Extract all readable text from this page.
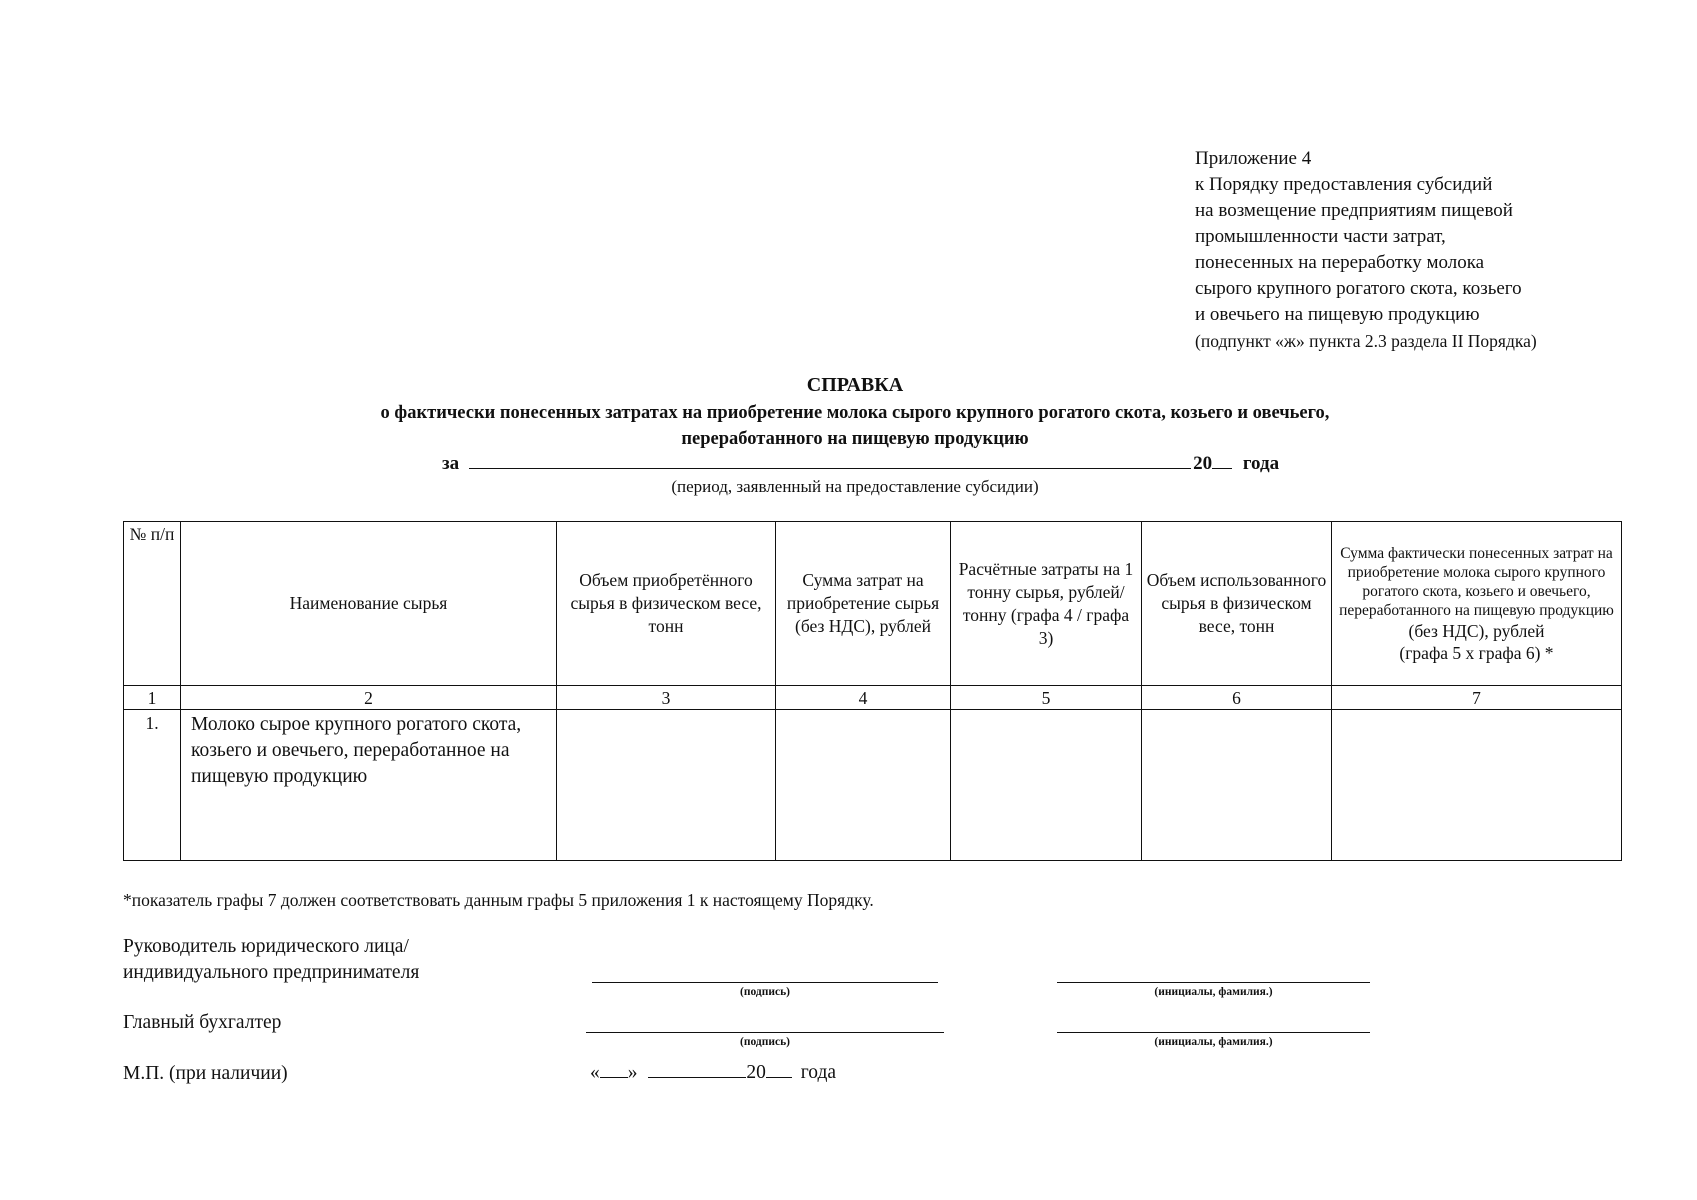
Приложение 4
к Порядку предоставления субсидий
на возмещение предприятиям пищевой
промышленности части затрат,
понесенных на переработку молока
сырого крупного рогатого скота, козьего
и овечьего на пищевую продукцию
(подпункт «ж» пункта 2.3 раздела II Порядка)
СПРАВКА
о фактически понесенных затратах на приобретение молока сырого крупного рогатого скота, козьего и овечьего,
переработанного на пищевую продукцию
за	20 года
(период, заявленный на предоставление субсидии)
№ п/п	Наименование сырья	Объем приобретённого сырья в физическом весе, тонн	Сумма затрат на приобретение сырья (без НДС), рублей	Расчётные затраты на 1 тонну сырья, рублей/тонну (графа 4 / графа 3)	Объем использованного сырья в физическом весе, тонн	Сумма фактически понесенных затрат на приобретение молока сырого крупного рогатого скота, козьего и овечьего, переработанного на пищевую продукцию
(без НДС), рублей
(графа 5 х графа 6) *

1	2	3	4	5	6	7
1.	Молоко сырое крупного рогатого скота, козьего и овечьего, переработанное на пищевую продукцию					
*показатель графы 7 должен соответствовать данным графы 5 приложения 1 к настоящему Порядку.
Руководитель юридического лица/
индивидуального предпринимателя
(подпись)	(инициалы, фамилия.)
Главный бухгалтер
(подпись)	(инициалы, фамилия.)
М.П. (при наличии)	« »	20 года
